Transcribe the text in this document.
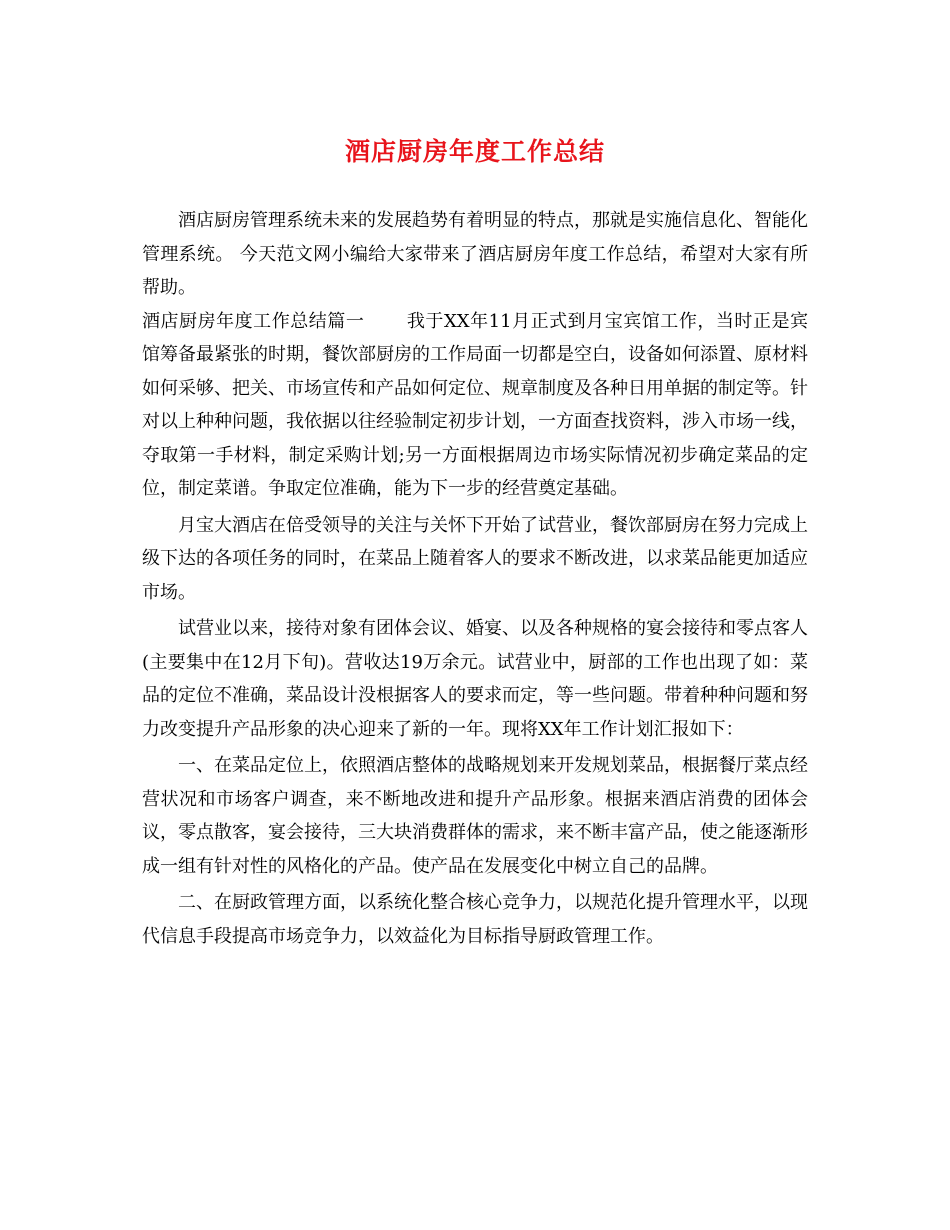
酒店厨房年度工作总结

酒店厨房管理系统未来的发展趋势有着明显的特点，那就是实施信息化、智能化管理系统。 今天范文网小编给大家带来了酒店厨房年度工作总结，希望对大家有所帮助。

酒店厨房年度工作总结篇一 我于XX年11月正式到月宝宾馆工作，当时正是宾馆筹备最紧张的时期，餐饮部厨房的工作局面一切都是空白，设备如何添置、原材料如何采够、把关、市场宣传和产品如何定位、规章制度及各种日用单据的制定等。针对以上种种问题，我依据以往经验制定初步计划，一方面查找资料，涉入市场一线，夺取第一手材料，制定采购计划;另一方面根据周边市场实际情况初步确定菜品的定位，制定菜谱。争取定位准确，能为下一步的经营奠定基础。

月宝大酒店在倍受领导的关注与关怀下开始了试营业，餐饮部厨房在努力完成上级下达的各项任务的同时，在菜品上随着客人的要求不断改进，以求菜品能更加适应市场。

试营业以来，接待对象有团体会议、婚宴、以及各种规格的宴会接待和零点客人(主要集中在12月下旬)。营收达19万余元。试营业中，厨部的工作也出现了如：菜品的定位不准确，菜品设计没根据客人的要求而定，等一些问题。带着种种问题和努力改变提升产品形象的决心迎来了新的一年。现将XX年工作计划汇报如下：

一、在菜品定位上，依照酒店整体的战略规划来开发规划菜品，根据餐厅菜点经营状况和市场客户调查，来不断地改进和提升产品形象。根据来酒店消费的团体会议，零点散客，宴会接待，三大块消费群体的需求，来不断丰富产品，使之能逐渐形成一组有针对性的风格化的产品。使产品在发展变化中树立自己的品牌。

二、在厨政管理方面，以系统化整合核心竞争力，以规范化提升管理水平，以现代信息手段提高市场竞争力，以效益化为目标指导厨政管理工作。
